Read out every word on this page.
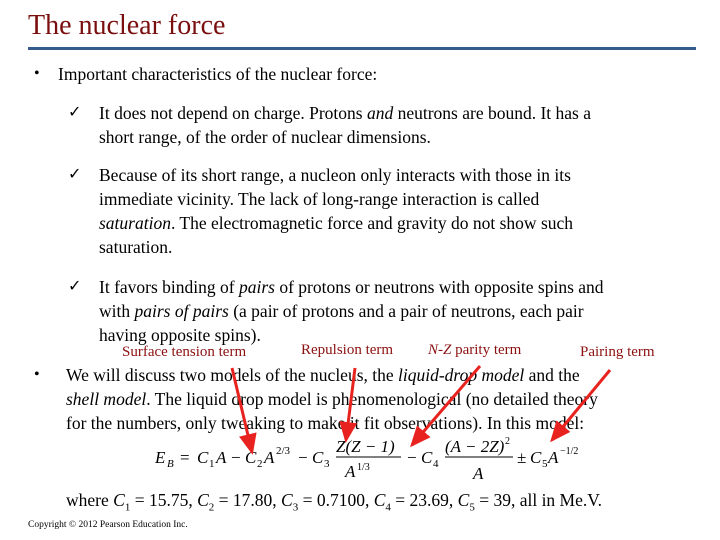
The nuclear force
• Important characteristics of the nuclear force:
✓ It does not depend on charge. Protons and neutrons are bound. It has a
short range, of the order of nuclear dimensions.
✓ Because of its short range, a nucleon only interacts with those in its
immediate vicinity. The lack of long-range interaction is called
saturation. The electromagnetic force and gravity do not show such
saturation.
✓ It favors binding of pairs of protons or neutrons with opposite spins and
with pairs of pairs (a pair of protons and a pair of neutrons, each pair
having opposite spins).
Surface tension term	Repulsion term N-Z parity term	Pairing term
• We will discuss two models of the nucleus, the liquid-drop model and the
shell model. The liquid drop model is phenomenological (no detailed theory
for the numbers, only tweaking to make it fit observations). In this model:
E B = C 1 A − C 2 A 2/3 − C 3
Z(Z − 1)
A 1/3
− C 4
(A − 2Z) 2
A
± C 5 A −1/2
where $C_1 = 15.75$, $C_2 = 17.80$, $C_3 = 0.7100$, $C_4 = 23.69$, $C_5 = 39$, all in Me.V.
Copyright © 2012 Pearson Education Inc.
